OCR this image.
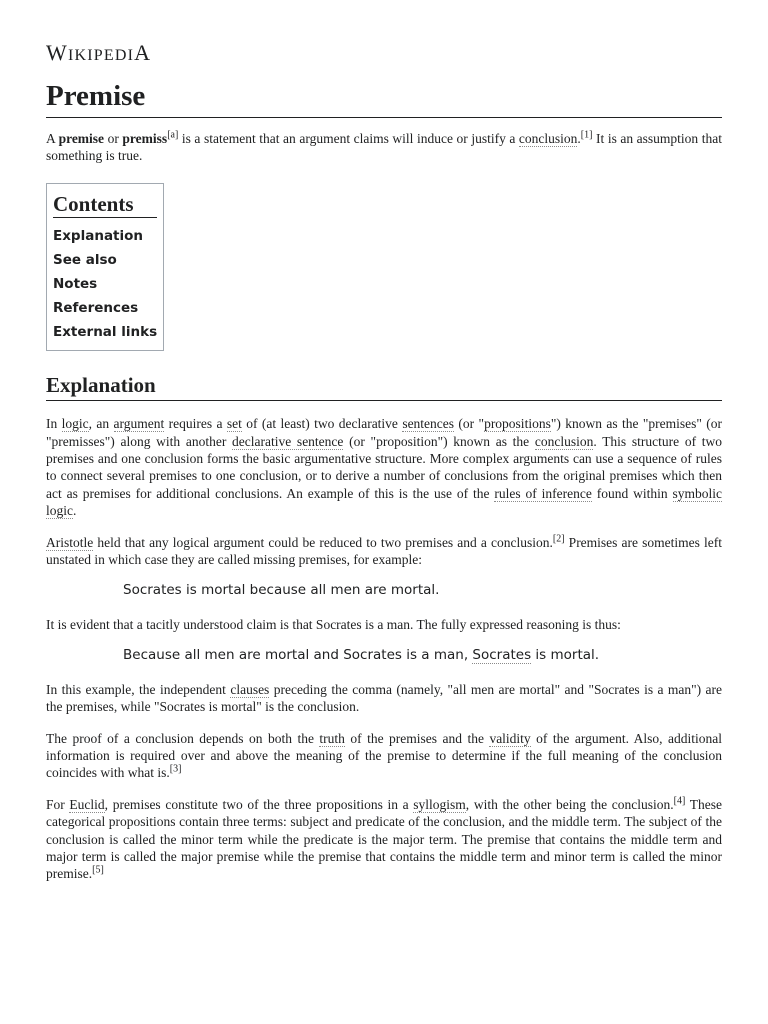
WIKIPEDIA
Premise

A premise or premiss[a] is a statement that an argument claims will induce or justify a conclusion.[1] It is an assumption that something is true.

Contents
Explanation
See also
Notes
References
External links
Explanation

In logic, an argument requires a set of (at least) two declarative sentences (or "propositions") known as the "premises" (or "premisses") along with another declarative sentence (or "proposition") known as the conclusion. This structure of two premises and one conclusion forms the basic argumentative structure. More complex arguments can use a sequence of rules to connect several premises to one conclusion, or to derive a number of conclusions from the original premises which then act as premises for additional conclusions. An example of this is the use of the rules of inference found within symbolic logic.

Aristotle held that any logical argument could be reduced to two premises and a conclusion.[2] Premises are sometimes left unstated in which case they are called missing premises, for example:

Socrates is mortal because all men are mortal.

It is evident that a tacitly understood claim is that Socrates is a man. The fully expressed reasoning is thus:

Because all men are mortal and Socrates is a man, Socrates is mortal.

In this example, the independent clauses preceding the comma (namely, "all men are mortal" and "Socrates is a man") are the premises, while "Socrates is mortal" is the conclusion.

The proof of a conclusion depends on both the truth of the premises and the validity of the argument. Also, additional information is required over and above the meaning of the premise to determine if the full meaning of the conclusion coincides with what is.[3]

For Euclid, premises constitute two of the three propositions in a syllogism, with the other being the conclusion.[4] These categorical propositions contain three terms: subject and predicate of the conclusion, and the middle term. The subject of the conclusion is called the minor term while the predicate is the major term. The premise that contains the middle term and major term is called the major premise while the premise that contains the middle term and minor term is called the minor premise.[5]
